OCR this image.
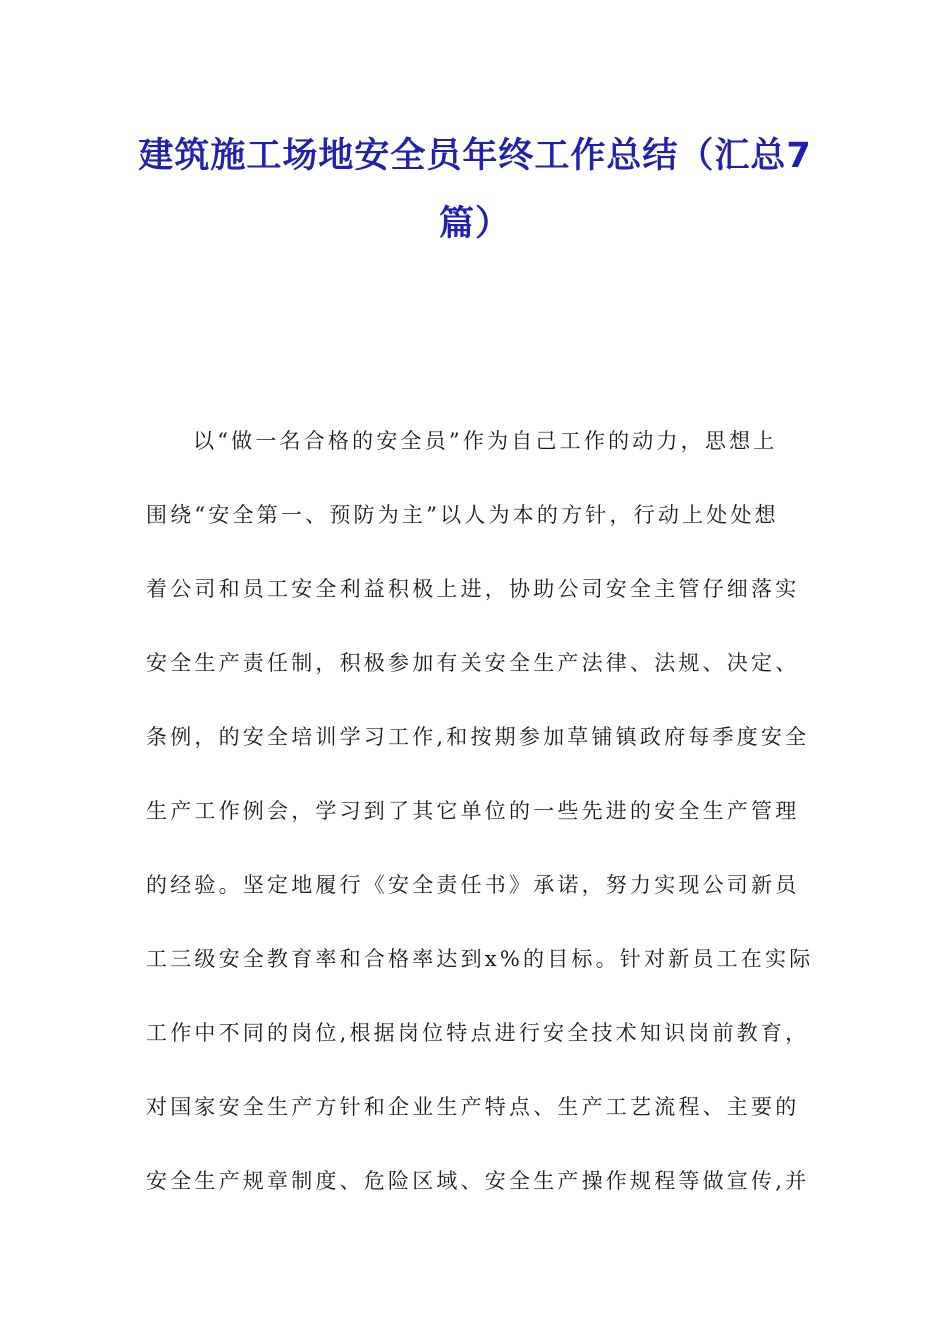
建筑施工场地安全员年终工作总结（汇总7篇）
以“做一名合格的安全员”作为自己工作的动力，思想上
围绕“安全第一、预防为主”以人为本的方针，行动上处处想
着公司和员工安全利益积极上进，协助公司安全主管仔细落实
安全生产责任制，积极参加有关安全生产法律、法规、决定、
条例，的安全培训学习工作,和按期参加草铺镇政府每季度安全
生产工作例会，学习到了其它单位的一些先进的安全生产管理
的经验。坚定地履行《安全责任书》承诺，努力实现公司新员
工三级安全教育率和合格率达到x%的目标。针对新员工在实际
工作中不同的岗位,根据岗位特点进行安全技术知识岗前教育，
对国家安全生产方针和企业生产特点、生产工艺流程、主要的
安全生产规章制度、危险区域、安全生产操作规程等做宣传,并
